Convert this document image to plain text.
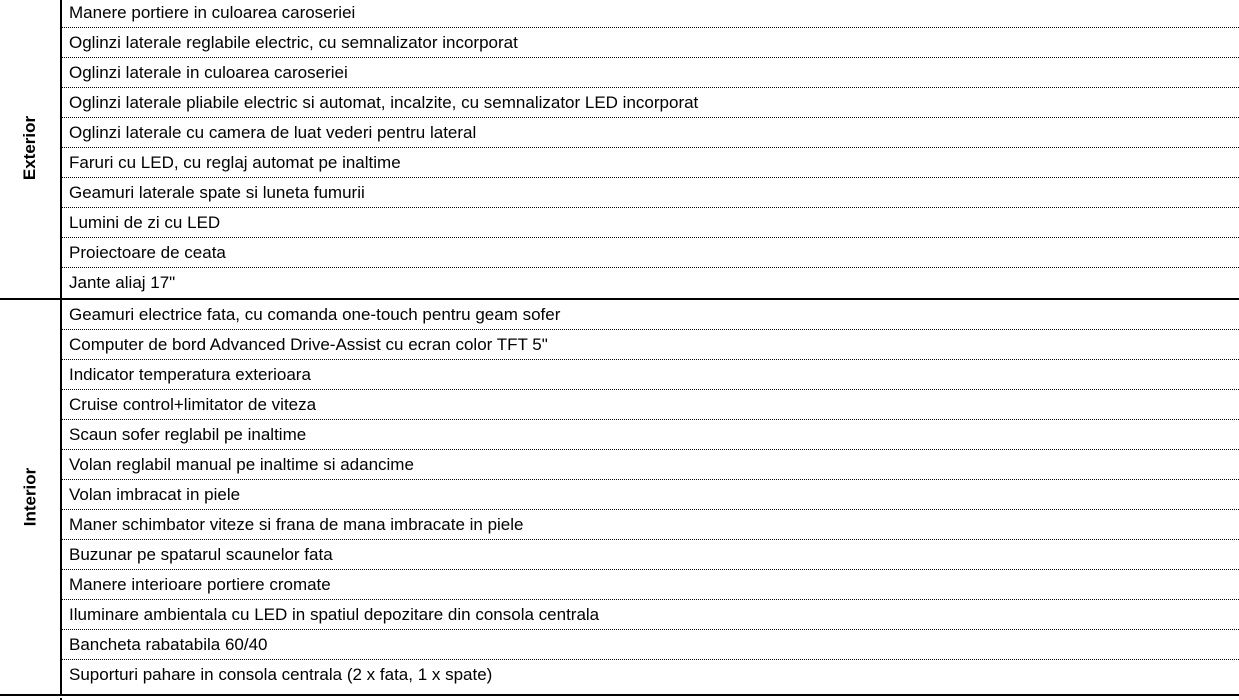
Exterior
Manere portiere in culoarea caroseriei
Oglinzi laterale reglabile electric, cu semnalizator incorporat
Oglinzi laterale in culoarea caroseriei
Oglinzi laterale pliabile electric si automat, incalzite, cu semnalizator LED incorporat
Oglinzi laterale cu camera de luat vederi pentru lateral
Faruri cu LED, cu reglaj automat pe inaltime
Geamuri laterale spate si luneta fumurii
Lumini de zi cu LED
Proiectoare de ceata
Jante aliaj 17"
Interior
Geamuri electrice fata, cu comanda one-touch pentru geam sofer
Computer de bord Advanced Drive-Assist cu ecran color TFT 5"
Indicator temperatura exterioara
Cruise control+limitator de viteza
Scaun sofer reglabil pe inaltime
Volan reglabil manual pe inaltime si adancime
Volan imbracat in piele
Maner schimbator viteze si frana de mana imbracate in piele
Buzunar pe spatarul scaunelor fata
Manere interioare portiere cromate
Iluminare ambientala cu LED in spatiul depozitare din consola centrala
Bancheta rabatabila 60/40
Suporturi pahare in consola centrala (2 x fata, 1 x spate)
